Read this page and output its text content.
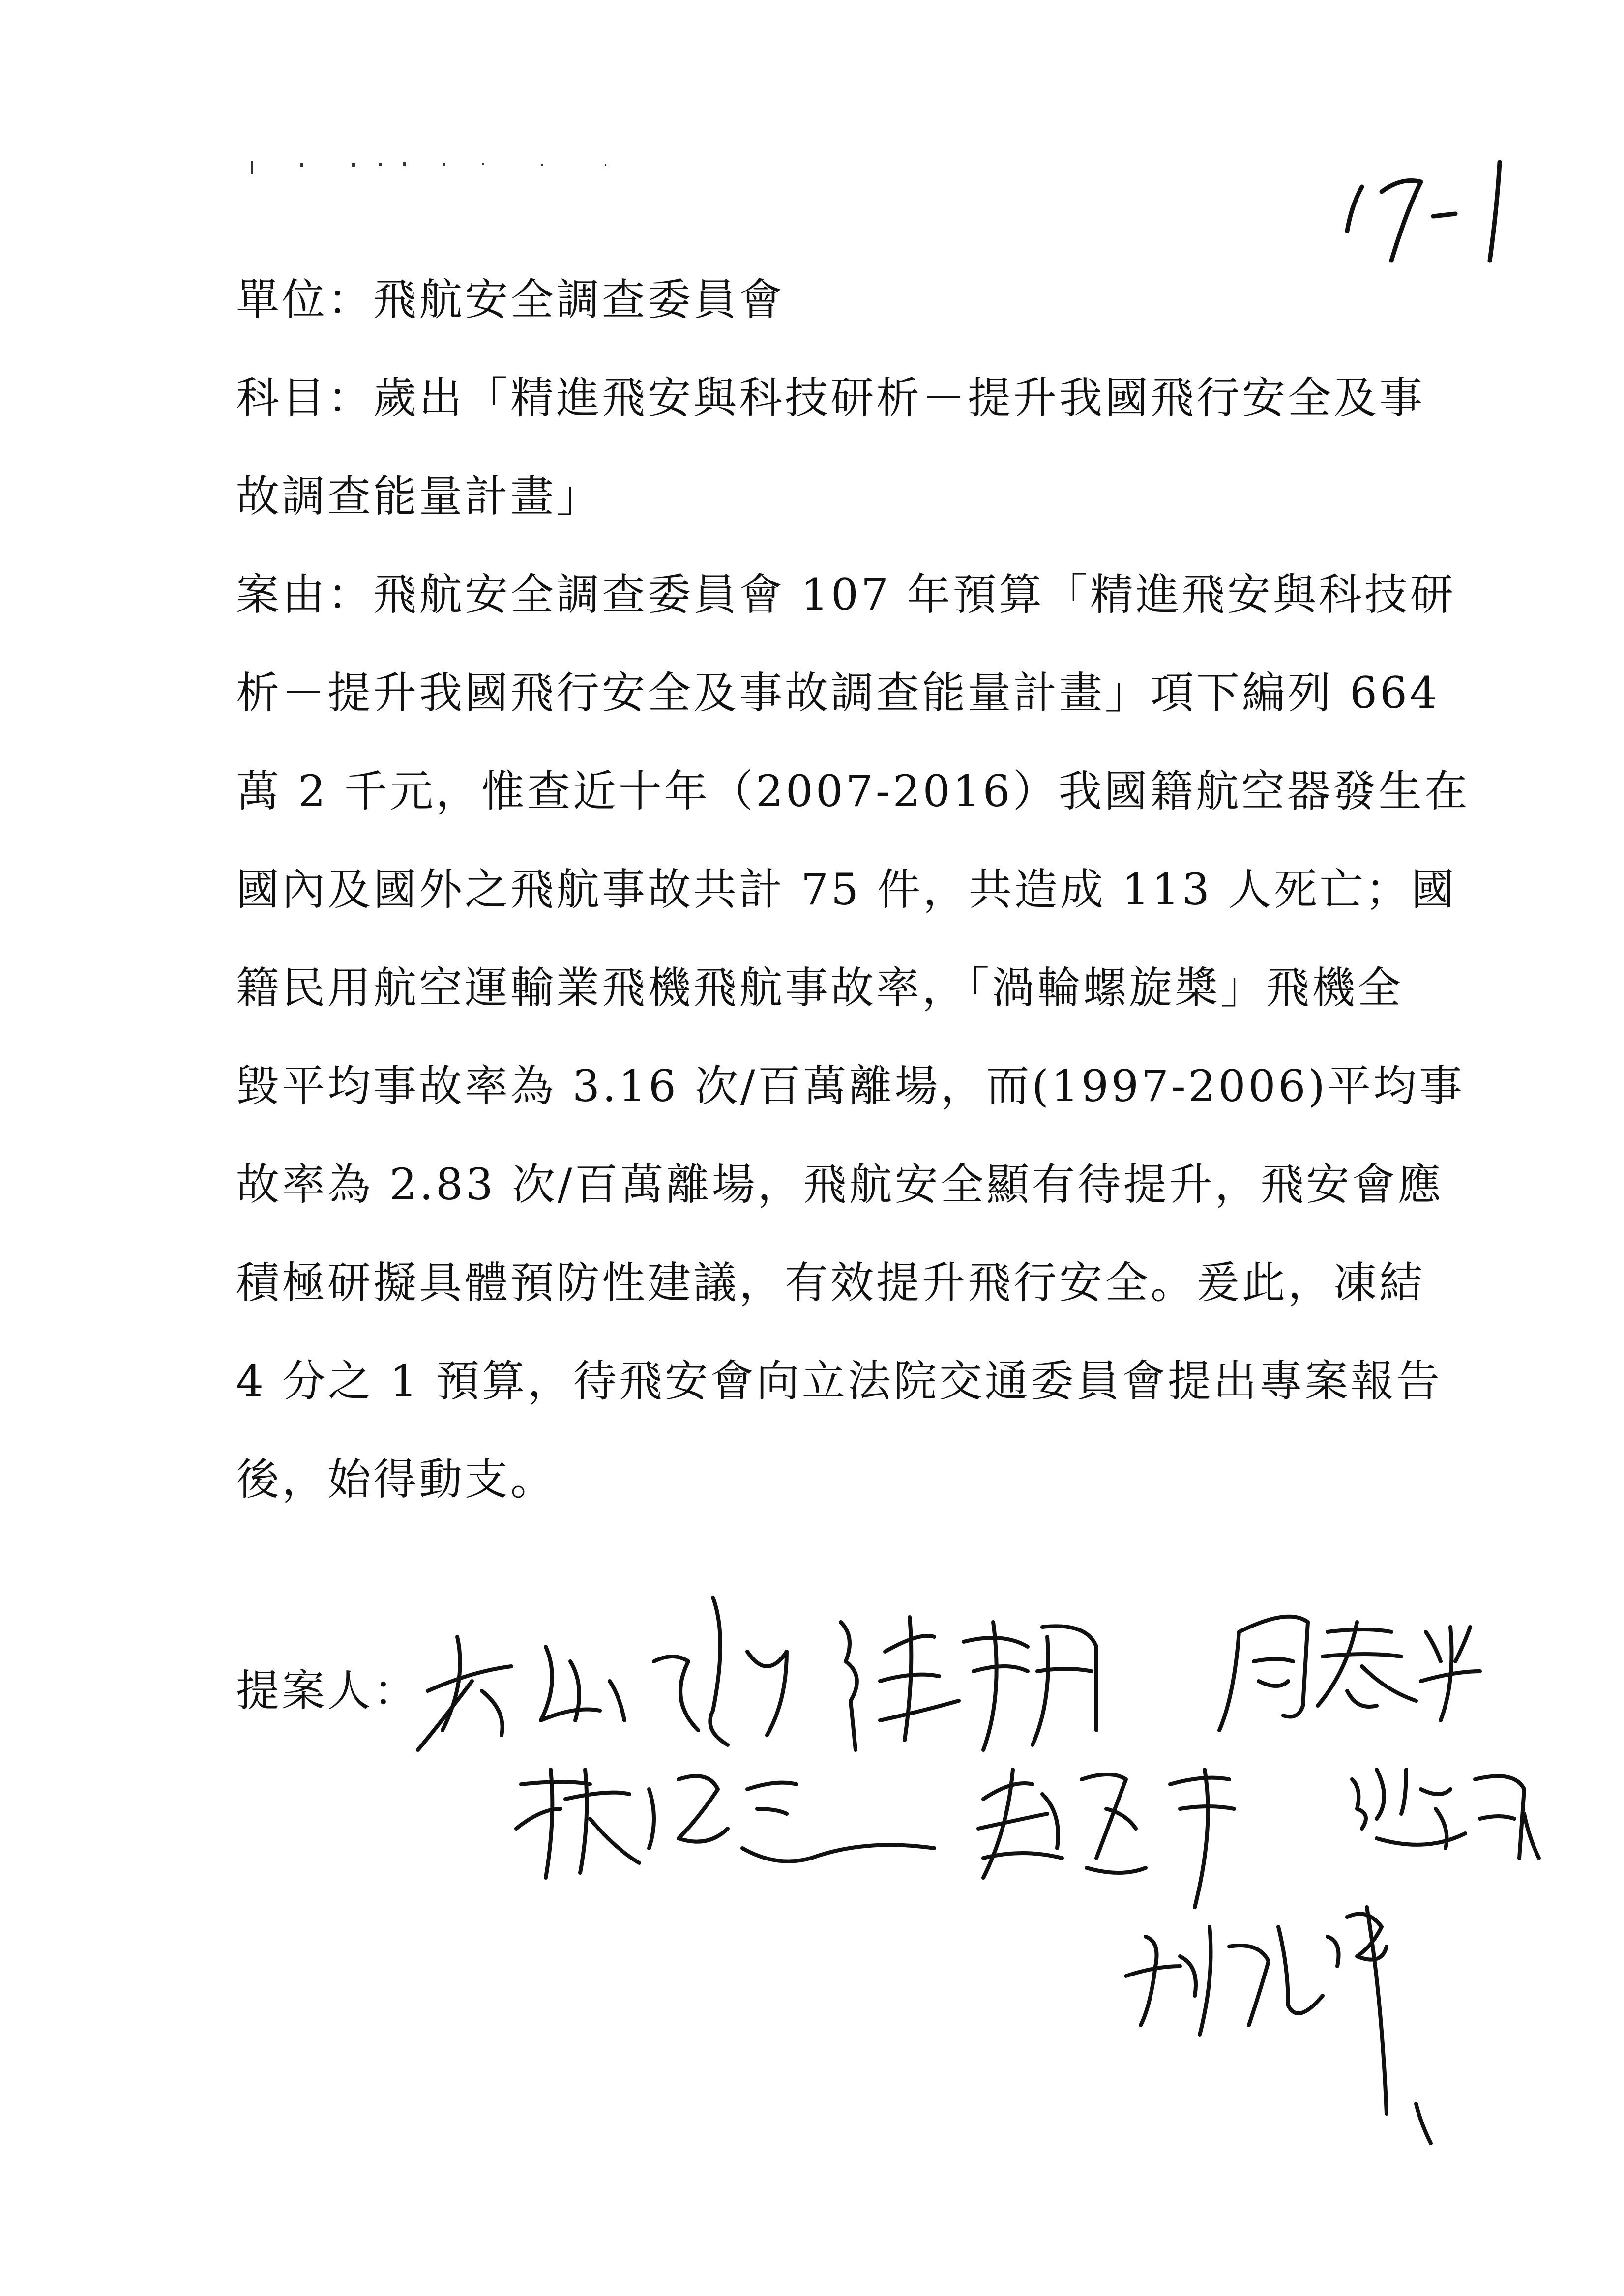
單位：飛航安全調查委員會
科目：歲出「精進飛安與科技研析－提升我國飛行安全及事
故調查能量計畫」
案由：飛航安全調查委員會 107 年預算「精進飛安與科技研
析－提升我國飛行安全及事故調查能量計畫」項下編列 664
萬 2 千元，惟查近十年（2007-2016）我國籍航空器發生在
國內及國外之飛航事故共計 75 件，共造成 113 人死亡；國
籍民用航空運輸業飛機飛航事故率，「渦輪螺旋槳」飛機全
毀平均事故率為 3.16 次/百萬離場，而(1997-2006)平均事
故率為 2.83 次/百萬離場，飛航安全顯有待提升，飛安會應
積極研擬具體預防性建議，有效提升飛行安全。爰此，凍結
4 分之 1 預算，待飛安會向立法院交通委員會提出專案報告
後，始得動支。
提案人：
